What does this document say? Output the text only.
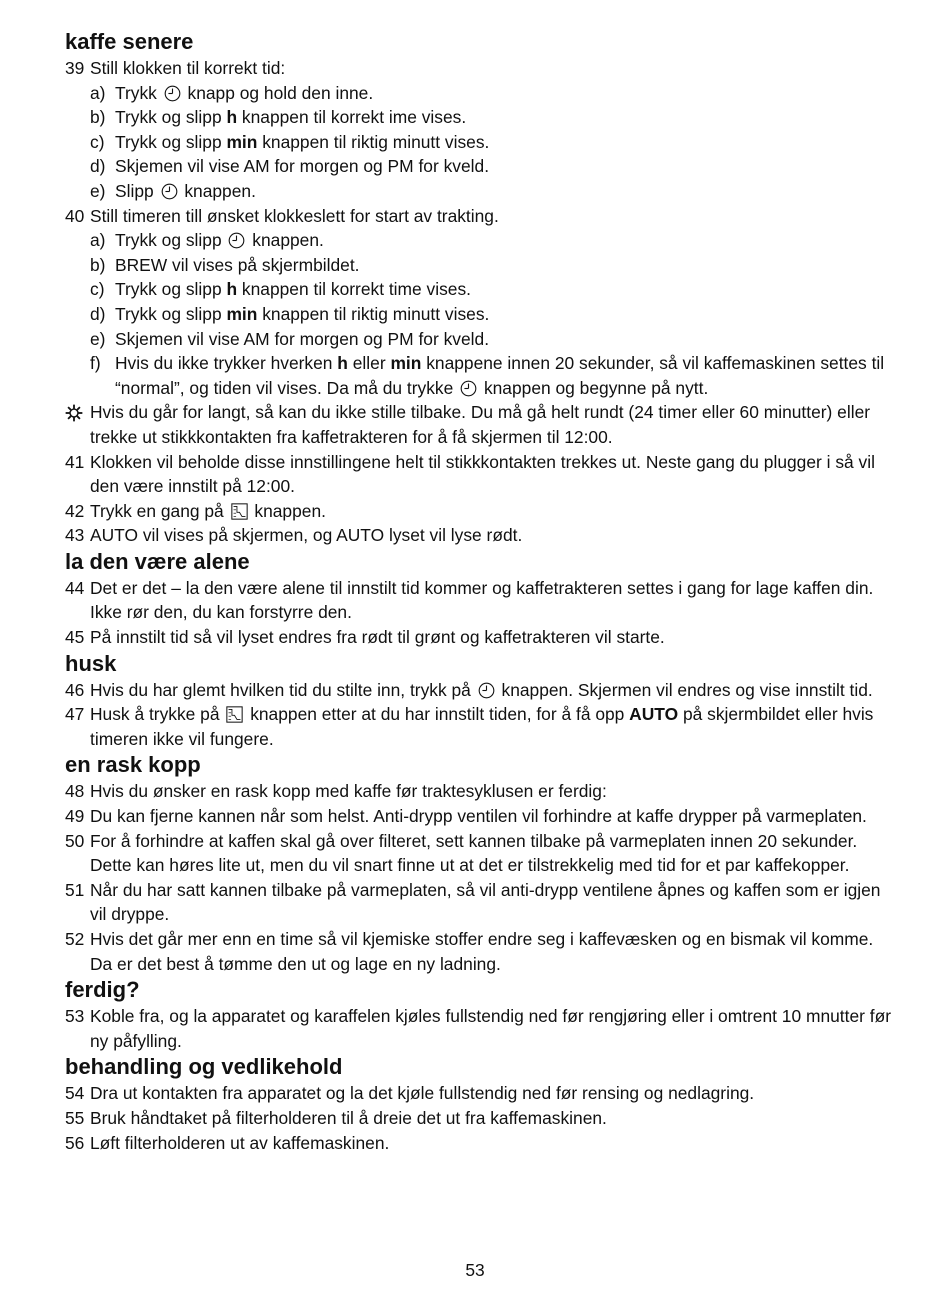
kaffe senere
39 Still klokken til korrekt tid:
a) Trykk  knapp og hold den inne.
b) Trykk og slipp h knappen til korrekt ime vises.
c) Trykk og slipp min knappen til riktig minutt vises.
d) Skjemen vil vise AM for morgen og PM for kveld.
e) Slipp  knappen.
40 Still timeren till ønsket klokkeslett for start av trakting.
a) Trykk og slipp  knappen.
b) BREW vil vises på skjermbildet.
c) Trykk og slipp h knappen til korrekt time vises.
d) Trykk og slipp min knappen til riktig minutt vises.
e) Skjemen vil vise AM for morgen og PM for kveld.
f) Hvis du ikke trykker hverken h eller min knappene innen 20 sekunder, så vil kaffemaskinen settes til “normal”, og tiden vil vises. Da må du trykke  knappen og begynne på nytt.
Hvis du går for langt, så kan du ikke stille tilbake. Du må gå helt rundt (24 timer eller 60 minutter) eller trekke ut stikkkontakten fra kaffetrakteren for å få skjermen til 12:00.
41 Klokken vil beholde disse innstillingene helt til stikkkontakten trekkes ut. Neste gang du plugger i så vil den være innstilt på 12:00.
42 Trykk en gang på  knappen.
43 AUTO vil vises på skjermen, og AUTO lyset vil lyse rødt.
la den være alene
44 Det er det – la den være alene til innstilt tid kommer og kaffetrakteren settes i gang for lage kaffen din. Ikke rør den, du kan forstyrre den.
45 På innstilt tid så vil lyset endres fra rødt til grønt og kaffetrakteren vil starte.
husk
46 Hvis du har glemt hvilken tid du stilte inn, trykk på  knappen. Skjermen vil endres og vise innstilt tid.
47 Husk å trykke på  knappen etter at du har innstilt tiden, for å få opp AUTO på skjermbildet eller hvis timeren ikke vil fungere.
en rask kopp
48 Hvis du ønsker en rask kopp med kaffe før traktesyklusen er ferdig:
49 Du kan fjerne kannen når som helst. Anti-drypp ventilen vil forhindre at kaffe drypper på varmeplaten.
50 For å forhindre at kaffen skal gå over filteret, sett kannen tilbake på varmeplaten innen 20 sekunder. Dette kan høres lite ut, men du vil snart finne ut at det er tilstrekkelig med tid for et par kaffekopper.
51 Når du har satt kannen tilbake på varmeplaten, så vil anti-drypp ventilene åpnes og kaffen som er igjen vil dryppe.
52 Hvis det går mer enn en time så vil kjemiske stoffer endre seg i kaffevæsken og en bismak vil komme. Da er det best å tømme den ut og lage en ny ladning.
ferdig?
53 Koble fra, og la apparatet og karaffelen kjøles fullstendig ned før rengjøring eller i omtrent 10 mnutter før ny påfylling.
behandling og vedlikehold
54 Dra ut kontakten fra apparatet og la det kjøle fullstendig ned før rensing og nedlagring.
55 Bruk håndtaket på filterholderen til å dreie det ut fra kaffemaskinen.
56 Løft filterholderen ut av kaffemaskinen.
53
